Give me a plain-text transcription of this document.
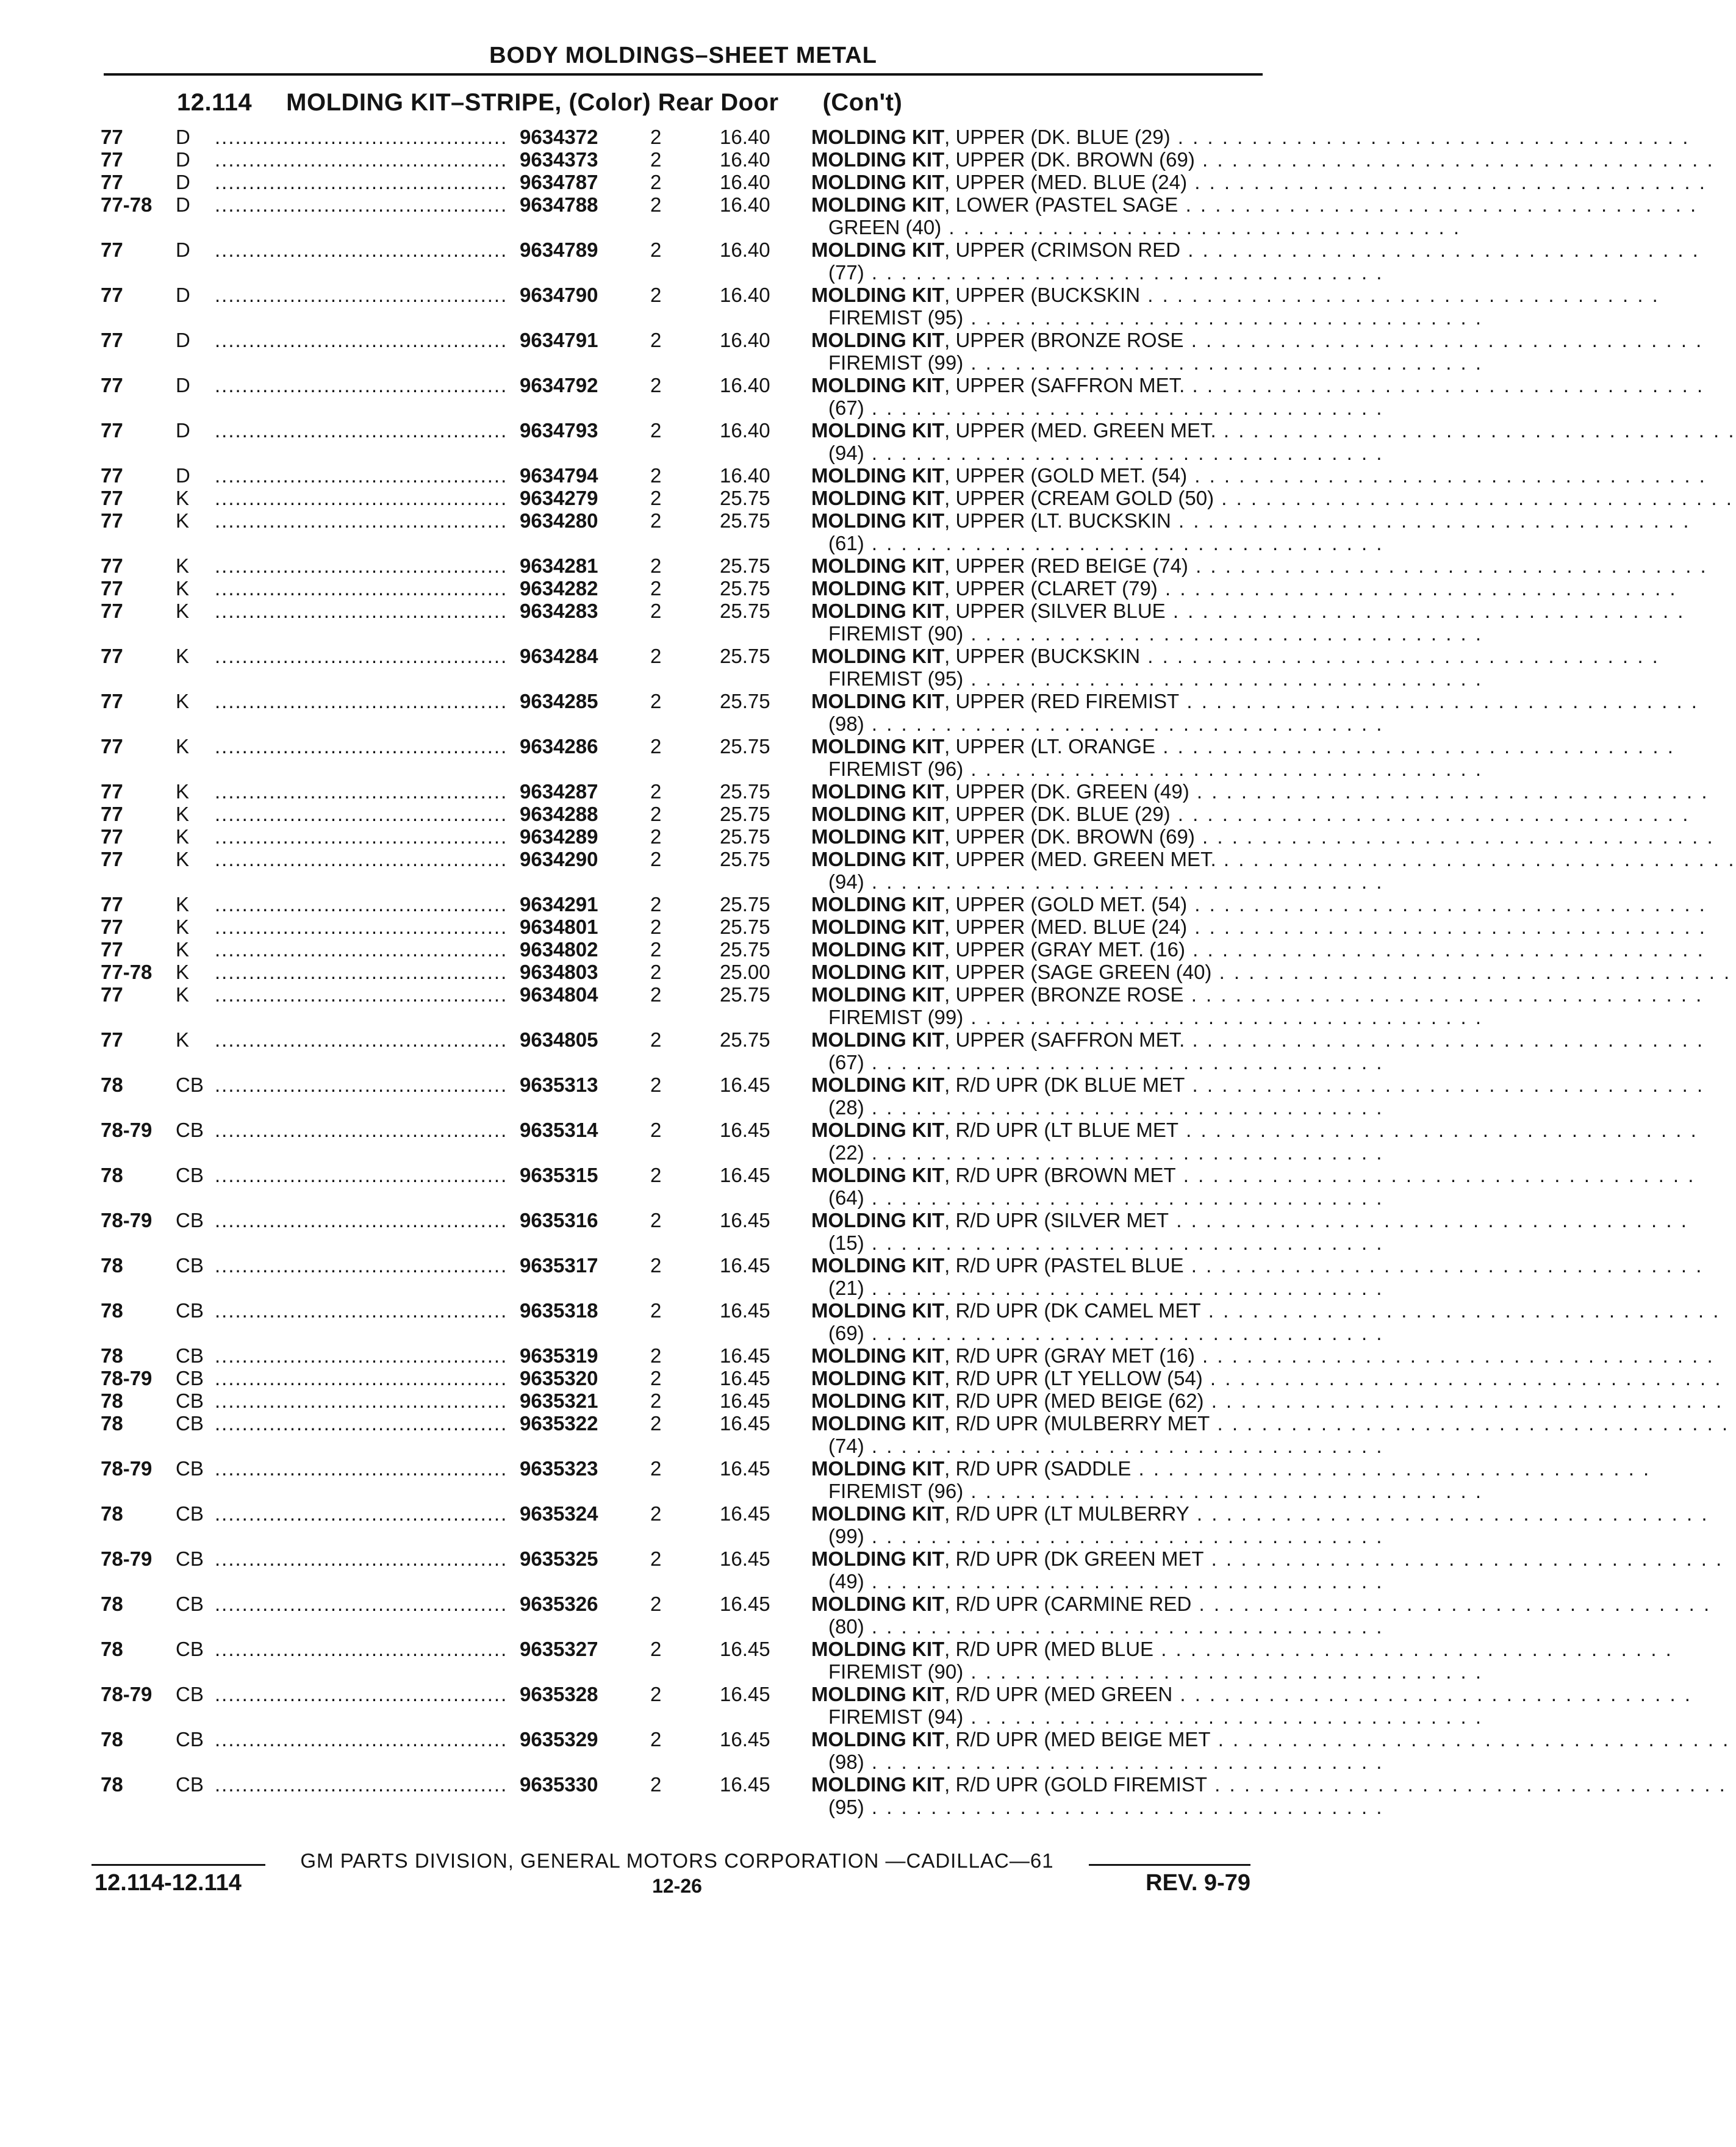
BODY MOLDINGS–SHEET METAL
12.114 MOLDING KIT–STRIPE, (Color) Rear Door (Con't)
77	D ........................................... 9634372	2	16.40 MOLDING KIT, UPPER (DK. BLUE (29) . . . . . . . . . . . . . . . . . . . . . . . . . . . . . . . . . . .
77	D ........................................... 9634373	2	16.40 MOLDING KIT, UPPER (DK. BROWN (69) . . . . . . . . . . . . . . . . . . . . . . . . . . . . . . . . . . .
77	D ........................................... 9634787	2	16.40 MOLDING KIT, UPPER (MED. BLUE (24) . . . . . . . . . . . . . . . . . . . . . . . . . . . . . . . . . . .
77-78 D ........................................... 9634788	2	16.40 MOLDING KIT, LOWER (PASTEL SAGE . . . . . . . . . . . . . . . . . . . . . . . . . . . . . . . . . . .
GREEN (40) . . . . . . . . . . . . . . . . . . . . . . . . . . . . . . . . . . .
77	D ........................................... 9634789	2	16.40 MOLDING KIT, UPPER (CRIMSON RED . . . . . . . . . . . . . . . . . . . . . . . . . . . . . . . . . . .
(77) . . . . . . . . . . . . . . . . . . . . . . . . . . . . . . . . . . .
77	D ........................................... 9634790	2	16.40 MOLDING KIT, UPPER (BUCKSKIN . . . . . . . . . . . . . . . . . . . . . . . . . . . . . . . . . . .
FIREMIST (95) . . . . . . . . . . . . . . . . . . . . . . . . . . . . . . . . . . .
77	D ........................................... 9634791	2	16.40 MOLDING KIT, UPPER (BRONZE ROSE . . . . . . . . . . . . . . . . . . . . . . . . . . . . . . . . . . .
FIREMIST (99) . . . . . . . . . . . . . . . . . . . . . . . . . . . . . . . . . . .
77	D ........................................... 9634792	2	16.40 MOLDING KIT, UPPER (SAFFRON MET. . . . . . . . . . . . . . . . . . . . . . . . . . . . . . . . . . . .
(67) . . . . . . . . . . . . . . . . . . . . . . . . . . . . . . . . . . .
77	D ........................................... 9634793	2	16.40 MOLDING KIT, UPPER (MED. GREEN MET. . . . . . . . . . . . . . . . . . . . . . . . . . . . . . . . . . . .
(94) . . . . . . . . . . . . . . . . . . . . . . . . . . . . . . . . . . .
77	D ........................................... 9634794	2	16.40 MOLDING KIT, UPPER (GOLD MET. (54) . . . . . . . . . . . . . . . . . . . . . . . . . . . . . . . . . . .
77	K ........................................... 9634279	2	25.75 MOLDING KIT, UPPER (CREAM GOLD (50) . . . . . . . . . . . . . . . . . . . . . . . . . . . . . . . . . . .
77	K ........................................... 9634280	2	25.75 MOLDING KIT, UPPER (LT. BUCKSKIN . . . . . . . . . . . . . . . . . . . . . . . . . . . . . . . . . . .
(61) . . . . . . . . . . . . . . . . . . . . . . . . . . . . . . . . . . .
77	K ........................................... 9634281	2	25.75 MOLDING KIT, UPPER (RED BEIGE (74) . . . . . . . . . . . . . . . . . . . . . . . . . . . . . . . . . . .
77	K ........................................... 9634282	2	25.75 MOLDING KIT, UPPER (CLARET (79) . . . . . . . . . . . . . . . . . . . . . . . . . . . . . . . . . . .
77	K ........................................... 9634283	2	25.75 MOLDING KIT, UPPER (SILVER BLUE . . . . . . . . . . . . . . . . . . . . . . . . . . . . . . . . . . .
FIREMIST (90) . . . . . . . . . . . . . . . . . . . . . . . . . . . . . . . . . . .
77	K ........................................... 9634284	2	25.75 MOLDING KIT, UPPER (BUCKSKIN . . . . . . . . . . . . . . . . . . . . . . . . . . . . . . . . . . .
FIREMIST (95) . . . . . . . . . . . . . . . . . . . . . . . . . . . . . . . . . . .
77	K ........................................... 9634285	2	25.75 MOLDING KIT, UPPER (RED FIREMIST . . . . . . . . . . . . . . . . . . . . . . . . . . . . . . . . . . .
(98) . . . . . . . . . . . . . . . . . . . . . . . . . . . . . . . . . . .
77	K ........................................... 9634286	2	25.75 MOLDING KIT, UPPER (LT. ORANGE . . . . . . . . . . . . . . . . . . . . . . . . . . . . . . . . . . .
FIREMIST (96) . . . . . . . . . . . . . . . . . . . . . . . . . . . . . . . . . . .
77	K ........................................... 9634287	2	25.75 MOLDING KIT, UPPER (DK. GREEN (49) . . . . . . . . . . . . . . . . . . . . . . . . . . . . . . . . . . .
77	K ........................................... 9634288	2	25.75 MOLDING KIT, UPPER (DK. BLUE (29) . . . . . . . . . . . . . . . . . . . . . . . . . . . . . . . . . . .
77	K ........................................... 9634289	2	25.75 MOLDING KIT, UPPER (DK. BROWN (69) . . . . . . . . . . . . . . . . . . . . . . . . . . . . . . . . . . .
77	K ........................................... 9634290	2	25.75 MOLDING KIT, UPPER (MED. GREEN MET. . . . . . . . . . . . . . . . . . . . . . . . . . . . . . . . . . . .
(94) . . . . . . . . . . . . . . . . . . . . . . . . . . . . . . . . . . .
77	K ........................................... 9634291	2	25.75 MOLDING KIT, UPPER (GOLD MET. (54) . . . . . . . . . . . . . . . . . . . . . . . . . . . . . . . . . . .
77	K ........................................... 9634801	2	25.75 MOLDING KIT, UPPER (MED. BLUE (24) . . . . . . . . . . . . . . . . . . . . . . . . . . . . . . . . . . .
77	K ........................................... 9634802	2	25.75 MOLDING KIT, UPPER (GRAY MET. (16) . . . . . . . . . . . . . . . . . . . . . . . . . . . . . . . . . . .
77-78 K ........................................... 9634803	2	25.00 MOLDING KIT, UPPER (SAGE GREEN (40) . . . . . . . . . . . . . . . . . . . . . . . . . . . . . . . . . . .
77	K ........................................... 9634804	2	25.75 MOLDING KIT, UPPER (BRONZE ROSE . . . . . . . . . . . . . . . . . . . . . . . . . . . . . . . . . . .
FIREMIST (99) . . . . . . . . . . . . . . . . . . . . . . . . . . . . . . . . . . .
77	K ........................................... 9634805	2	25.75 MOLDING KIT, UPPER (SAFFRON MET. . . . . . . . . . . . . . . . . . . . . . . . . . . . . . . . . . . .
(67) . . . . . . . . . . . . . . . . . . . . . . . . . . . . . . . . . . .
78	CB ........................................... 9635313	2	16.45 MOLDING KIT, R/D UPR (DK BLUE MET . . . . . . . . . . . . . . . . . . . . . . . . . . . . . . . . . . .
(28) . . . . . . . . . . . . . . . . . . . . . . . . . . . . . . . . . . .
78-79 CB ........................................... 9635314	2	16.45 MOLDING KIT, R/D UPR (LT BLUE MET . . . . . . . . . . . . . . . . . . . . . . . . . . . . . . . . . . .
(22) . . . . . . . . . . . . . . . . . . . . . . . . . . . . . . . . . . .
78	CB ........................................... 9635315	2	16.45 MOLDING KIT, R/D UPR (BROWN MET . . . . . . . . . . . . . . . . . . . . . . . . . . . . . . . . . . .
(64) . . . . . . . . . . . . . . . . . . . . . . . . . . . . . . . . . . .
78-79 CB ........................................... 9635316	2	16.45 MOLDING KIT, R/D UPR (SILVER MET . . . . . . . . . . . . . . . . . . . . . . . . . . . . . . . . . . .
(15) . . . . . . . . . . . . . . . . . . . . . . . . . . . . . . . . . . .
78	CB ........................................... 9635317	2	16.45 MOLDING KIT, R/D UPR (PASTEL BLUE . . . . . . . . . . . . . . . . . . . . . . . . . . . . . . . . . . .
(21) . . . . . . . . . . . . . . . . . . . . . . . . . . . . . . . . . . .
78	CB ........................................... 9635318	2	16.45 MOLDING KIT, R/D UPR (DK CAMEL MET . . . . . . . . . . . . . . . . . . . . . . . . . . . . . . . . . . .
(69) . . . . . . . . . . . . . . . . . . . . . . . . . . . . . . . . . . .
78	CB ........................................... 9635319	2	16.45 MOLDING KIT, R/D UPR (GRAY MET (16) . . . . . . . . . . . . . . . . . . . . . . . . . . . . . . . . . . .
78-79 CB ........................................... 9635320	2	16.45 MOLDING KIT, R/D UPR (LT YELLOW (54) . . . . . . . . . . . . . . . . . . . . . . . . . . . . . . . . . . .
78	CB ........................................... 9635321	2	16.45 MOLDING KIT, R/D UPR (MED BEIGE (62) . . . . . . . . . . . . . . . . . . . . . . . . . . . . . . . . . . .
78	CB ........................................... 9635322	2	16.45 MOLDING KIT, R/D UPR (MULBERRY MET . . . . . . . . . . . . . . . . . . . . . . . . . . . . . . . . . . .
(74) . . . . . . . . . . . . . . . . . . . . . . . . . . . . . . . . . . .
78-79 CB ........................................... 9635323	2	16.45 MOLDING KIT, R/D UPR (SADDLE . . . . . . . . . . . . . . . . . . . . . . . . . . . . . . . . . . .
FIREMIST (96) . . . . . . . . . . . . . . . . . . . . . . . . . . . . . . . . . . .
78	CB ........................................... 9635324	2	16.45 MOLDING KIT, R/D UPR (LT MULBERRY . . . . . . . . . . . . . . . . . . . . . . . . . . . . . . . . . . .
(99) . . . . . . . . . . . . . . . . . . . . . . . . . . . . . . . . . . .
78-79 CB ........................................... 9635325	2	16.45 MOLDING KIT, R/D UPR (DK GREEN MET . . . . . . . . . . . . . . . . . . . . . . . . . . . . . . . . . . .
(49) . . . . . . . . . . . . . . . . . . . . . . . . . . . . . . . . . . .
78	CB ........................................... 9635326	2	16.45 MOLDING KIT, R/D UPR (CARMINE RED . . . . . . . . . . . . . . . . . . . . . . . . . . . . . . . . . . .
(80) . . . . . . . . . . . . . . . . . . . . . . . . . . . . . . . . . . .
78	CB ........................................... 9635327	2	16.45 MOLDING KIT, R/D UPR (MED BLUE . . . . . . . . . . . . . . . . . . . . . . . . . . . . . . . . . . .
FIREMIST (90) . . . . . . . . . . . . . . . . . . . . . . . . . . . . . . . . . . .
78-79 CB ........................................... 9635328	2	16.45 MOLDING KIT, R/D UPR (MED GREEN . . . . . . . . . . . . . . . . . . . . . . . . . . . . . . . . . . .
FIREMIST (94) . . . . . . . . . . . . . . . . . . . . . . . . . . . . . . . . . . .
78	CB ........................................... 9635329	2	16.45 MOLDING KIT, R/D UPR (MED BEIGE MET . . . . . . . . . . . . . . . . . . . . . . . . . . . . . . . . . . .
(98) . . . . . . . . . . . . . . . . . . . . . . . . . . . . . . . . . . .
78	CB ........................................... 9635330	2	16.45 MOLDING KIT, R/D UPR (GOLD FIREMIST . . . . . . . . . . . . . . . . . . . . . . . . . . . . . . . . . . .
(95) . . . . . . . . . . . . . . . . . . . . . . . . . . . . . . . . . . .
GM PARTS DIVISION, GENERAL MOTORS CORPORATION —CADILLAC—61
12.114-12.114	12-26	REV. 9-79
